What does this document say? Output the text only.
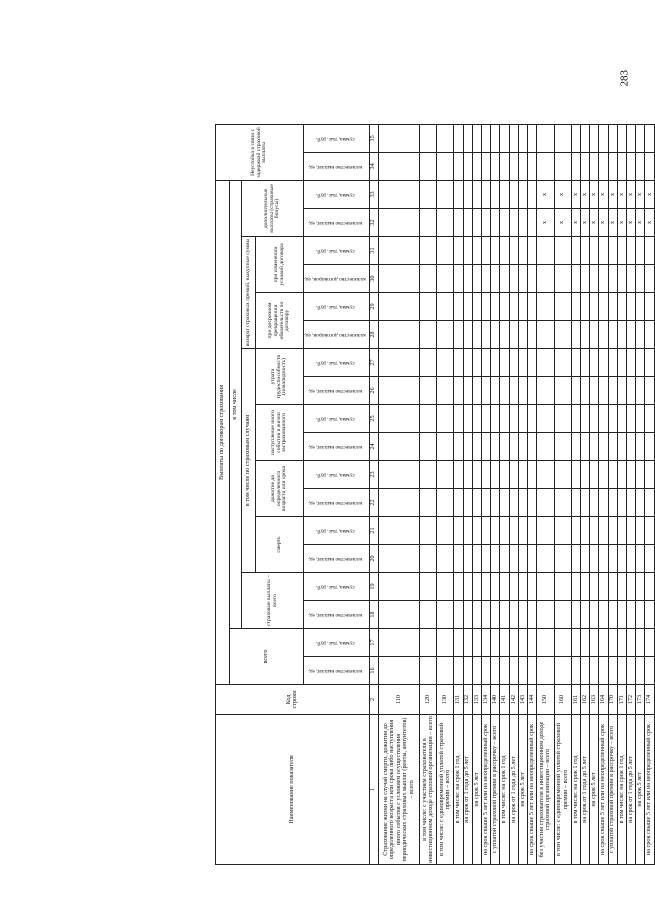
283
Наименование показателя	Код строки	Выплаты по договорам страхования																		Неустойка в связи с задержкой страховой выплаты	
		всего		в том числе																	
				страховые выплаты – всего		в том числе по страховым случаям								возврат страховых премий, выкупные суммы				дополнительные выплаты (страховые бонусы)			
						смерть		дожитие до определенного возраста или срока		наступление иного события в жизни застрахованного		утрата трудоспособности (инвалидность)		при досрочном прекращении обязательств по договору		при изменении условий договора					
		количество выплат, ед.	сумма, тыс. руб.	количество выплат, ед.	сумма, тыс. руб.	количество выплат, ед.	сумма, тыс. руб.	количество выплат, ед.	сумма, тыс. руб.	количество выплат, ед.	сумма, тыс. руб.	количество выплат, ед.	сумма, тыс. руб.	количество договоров, ед.	сумма, тыс. руб.	количество договоров, ед.	сумма, тыс. руб.	количество выплат, ед.	сумма, тыс. руб.	количество выплат, ед.	сумма, тыс. руб.
1	2	16	17	18	19	20	21	22	23	24	25	26	27	28	29	30	31	32	33	34	35
Страхование жизни на случай смерти, дожития до определенного возраста или срока либо наступления иного события с условием осуществления периодических страховых выплат (ренты, аннуитетов) – всего	110																				
в том числе: с участием страхователя в инвестиционном доходе страховой организации – всего	120																				
в том числе: с единовременной уплатой страховой премии – всего	130																				
в том числе: на срок 1 год	131																				
на срок от 1 года до 5 лет	132																				
на срок 5 лет	133																				
на срок свыше 5 лет или на неопределенный срок	134																				
с уплатой страховой премии в рассрочку – всего	140																				
в том числе: на срок 1 год	141																				
на срок от 1 года до 5 лет	142																				
на срок 5 лет	143																				
на срок свыше 5 лет или на неопределенный срок	144																				
без участия страхователя в инвестиционном доходе страховой организации – всего	150																	х	х		
в том числе: с единовременной уплатой страховой премии – всего	160																	х	х		
в том числе: на срок 1 год	161																	х	х		
на срок от 1 года до 5 лет	162																	х	х		
на срок 5 лет	163																	х	х		
на срок свыше 5 лет или на неопределенный срок	164																	х	х		
с уплатой страховой премии в рассрочку – всего	170																	х	х		
в том числе: на срок 1 год	171																	х	х		
на срок от 1 года до 5 лет	172																	х	х		
на срок 5 лет	173																	х	х		
на срок свыше 5 лет или на неопределенный срок	174																	х	х		
